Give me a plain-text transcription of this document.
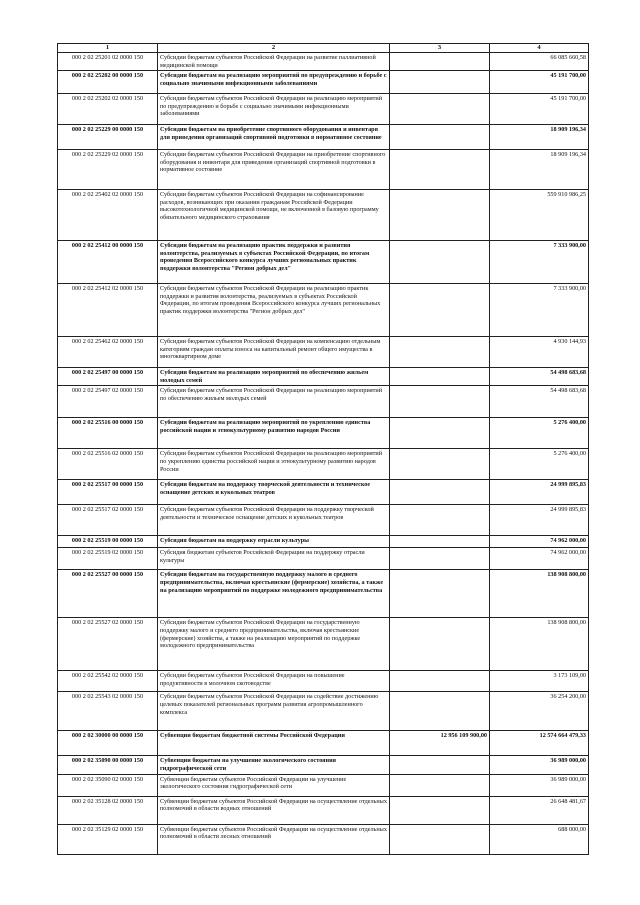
1	2	3	4
000 2 02 25201 02 0000 150	Субсидии бюджетам субъектов Российской Федерации на развитие паллиативной медицинской помощи		66 085 660,58
000 2 02 25202 00 0000 150	Субсидии бюджетам на реализацию мероприятий по предупреждению и борьбе с социально значимыми инфекционными заболеваниями		45 191 700,00
000 2 02 25202 02 0000 150	Субсидии бюджетам субъектов Российской Федерации на реализацию мероприятий по предупреждению и борьбе с социально значимыми инфекционными заболеваниями		45 191 700,00
000 2 02 25229 00 0000 150	Субсидии бюджетам на приобретение спортивного оборудования и инвентаря для приведения организаций спортивной подготовки в нормативное состояние		18 909 196,34
000 2 02 25229 02 0000 150	Субсидии бюджетам субъектов Российской Федерации на приобретение спортивного оборудования и инвентаря для приведения организаций спортивной подготовки в нормативное состояние		18 909 196,34
000 2 02 25402 02 0000 150	Субсидии бюджетам субъектов Российской Федерации на софинансирование расходов, возникающих при оказании гражданам Российской Федерации высокотехнологичной медицинской помощи, не включенной в базовую программу обязательного медицинского страхования		559 910 986,25
000 2 02 25412 00 0000 150	Субсидии бюджетам на реализацию практик поддержки и развития волонтерства, реализуемых в субъектах Российской Федерации, по итогам проведения Всероссийского конкурса лучших региональных практик поддержки волонтерства "Регион добрых дел"		7 333 900,00
000 2 02 25412 02 0000 150	Субсидии бюджетам субъектов Российской Федерации на реализацию практик поддержки и развития волонтерства, реализуемых в субъектах Российской Федерации, по итогам проведения Всероссийского конкурса лучших региональных практик поддержки волонтерства "Регион добрых дел"		7 333 900,00
000 2 02 25462 02 0000 150	Субсидии бюджетам субъектов Российской Федерации на компенсацию отдельным категориям граждан оплаты взноса на капитальный ремонт общего имущества в многоквартирном доме		4 930 144,93
000 2 02 25497 00 0000 150	Субсидии бюджетам на реализацию мероприятий по обеспечению жильем молодых семей		54 498 683,68
000 2 02 25497 02 0000 150	Субсидии бюджетам субъектов Российской Федерации на реализацию мероприятий по обеспечению жильем молодых семей		54 498 683,68
000 2 02 25516 00 0000 150	Субсидии бюджетам на реализацию мероприятий по укреплению единства российской нации и этнокультурному развитию народов России		5 276 400,00
000 2 02 25516 02 0000 150	Субсидии бюджетам субъектов Российской Федерации на реализацию мероприятий по укреплению единства российской нации и этнокультурному развитию народов России		5 276 400,00
000 2 02 25517 00 0000 150	Субсидии бюджетам на поддержку творческой деятельности и техническое оснащение детских и кукольных театров		24 999 895,83
000 2 02 25517 02 0000 150	Субсидии бюджетам субъектов Российской Федерации на поддержку творческой деятельности и техническое оснащение детских и кукольных театров		24 999 895,83
000 2 02 25519 00 0000 150	Субсидия бюджетам на поддержку отрасли культуры		74 962 000,00
000 2 02 25519 02 0000 150	Субсидия бюджетам субъектов Российской Федерации на поддержку отрасли культуры		74 962 000,00
000 2 02 25527 00 0000 150	Субсидии бюджетам на государственную поддержку малого и среднего предпринимательства, включая крестьянские (фермерские) хозяйства, а также на реализацию мероприятий по поддержке молодежного предпринимательства		138 908 800,00
000 2 02 25527 02 0000 150	Субсидии бюджетам субъектов Российской Федерации на государственную поддержку малого и среднего предпринимательства, включая крестьянские (фермерские) хозяйства, а также на реализацию мероприятий по поддержке молодежного предпринимательства		138 908 800,00
000 2 02 25542 02 0000 150	Субсидии бюджетам субъектов Российской Федерации на повышение продуктивности в молочном скотоводстве		3 173 109,00
000 2 02 25543 02 0000 150	Субсидии бюджетам субъектов Российской Федерации на содействие достижению целевых показателей региональных программ развития агропромышленного комплекса		36 254 200,00
000 2 02 30000 00 0000 150	Субвенции бюджетам бюджетной системы Российской Федерации	12 956 109 900,00	12 574 664 479,33
000 2 02 35090 00 0000 150	Субвенции бюджетам на улучшение экологического состояния гидрографической сети		36 989 000,00
000 2 02 35090 02 0000 150	Субвенции бюджетам субъектов Российской Федерации на улучшение экологического состояния гидрографической сети		36 989 000,00
000 2 02 35128 02 0000 150	Субвенции бюджетам субъектов Российской Федерации на осуществление отдельных полномочий в области водных отношений		26 648 481,67
000 2 02 35129 02 0000 150	Субвенции бюджетам субъектов Российской Федерации на осуществление отдельных полномочий в области лесных отношений		688 000,00
